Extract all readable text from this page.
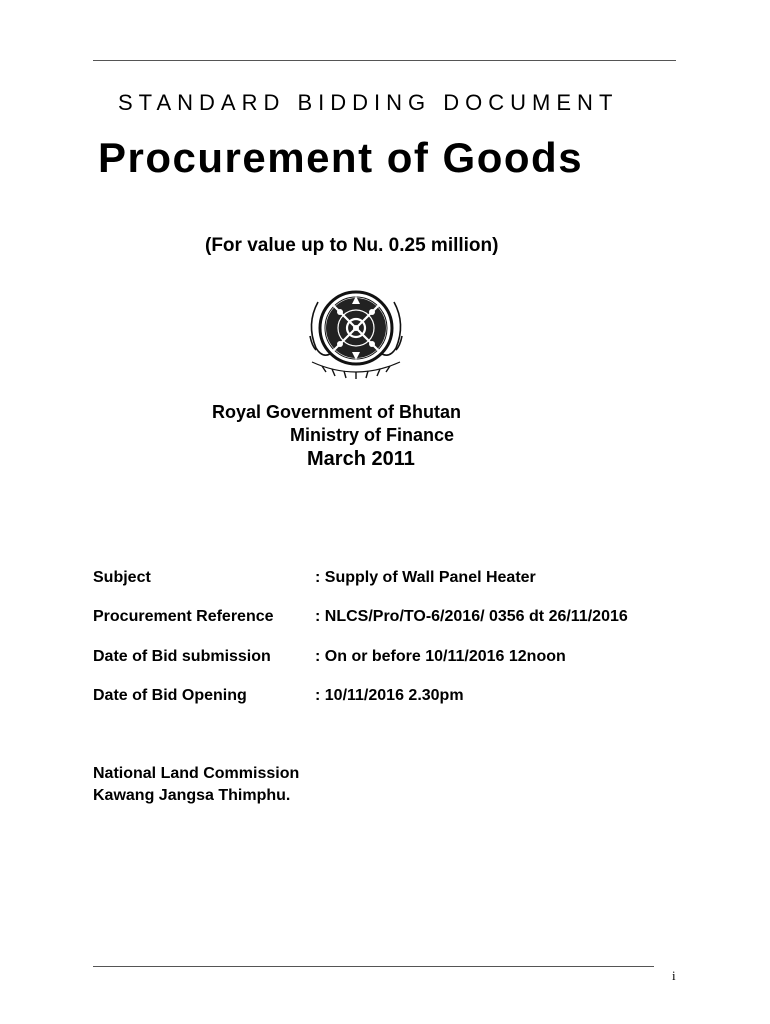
STANDARD BIDDING DOCUMENT
Procurement of Goods
(For value up to Nu. 0.25 million)
Royal Government of Bhutan
Ministry of Finance
March 2011
Subject	: Supply of Wall Panel Heater
Procurement Reference	: NLCS/Pro/TO-6/2016/ 0356 dt 26/11/2016
Date of Bid submission	: On or before 10/11/2016 12noon
Date of Bid Opening	: 10/11/2016 2.30pm
National Land Commission
Kawang Jangsa Thimphu.
i
